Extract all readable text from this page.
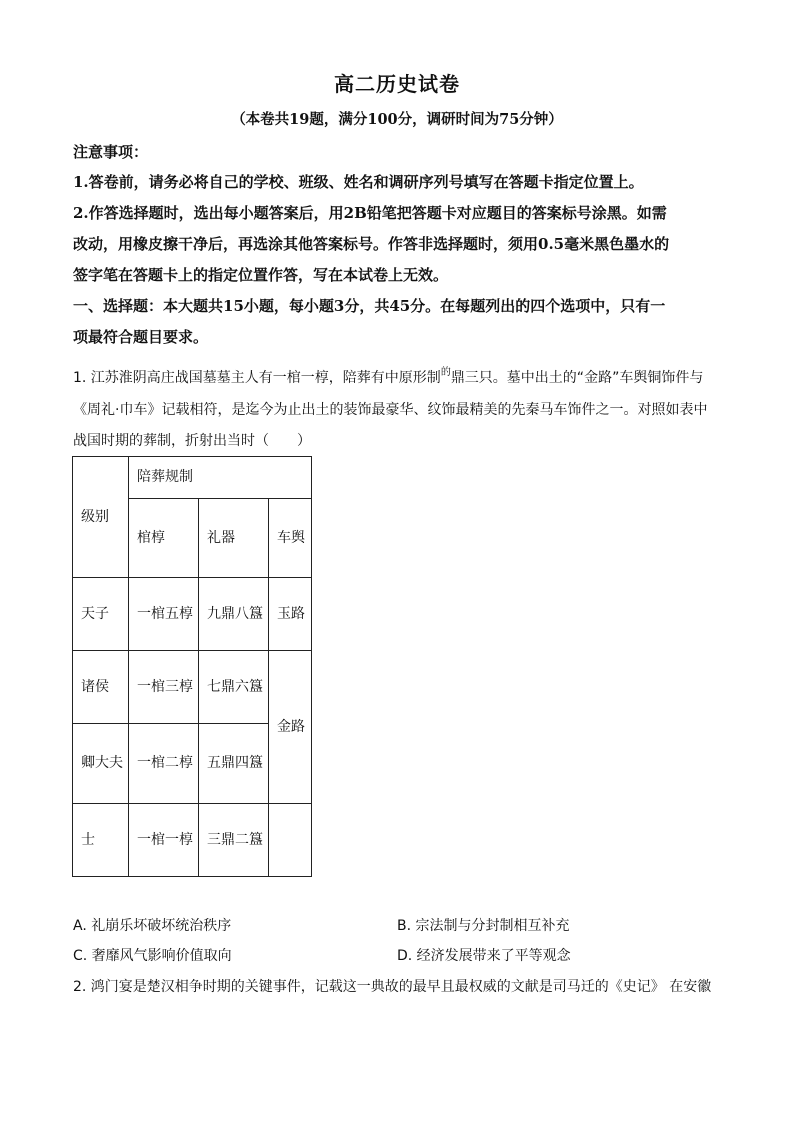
高二历史试卷
（本卷共19题，满分100分，调研时间为75分钟）
注意事项：
1.答卷前，请务必将自己的学校、班级、姓名和调研序列号填写在答题卡指定位置上。
2.作答选择题时，选出每小题答案后，用2B铅笔把答题卡对应题目的答案标号涂黑。如需
改动，用橡皮擦干净后，再选涂其他答案标号。作答非选择题时，须用0.5毫米黑色墨水的
签字笔在答题卡上的指定位置作答，写在本试卷上无效。
一、选择题：本大题共15小题，每小题3分，共45分。在每题列出的四个选项中，只有一
项最符合题目要求。
1. 江苏淮阴高庄战国墓墓主人有一棺一椁，陪葬有中原形制$^的$鼎三只。墓中出土的“金路”车舆铜饰件与
《周礼·巾车》记载相符，是迄今为止出土的装饰最豪华、纹饰最精美的先秦马车饰件之一。对照如表中
战国时期的葬制，折射出当时（　　）
级别	陪葬规制		
	棺椁	礼器	车舆
天子	一棺五椁	九鼎八簋	玉路
诸侯	一棺三椁	七鼎六簋	金路
卿大夫	一棺二椁	五鼎四簋	
士	一棺一椁	三鼎二簋	
A. 礼崩乐坏破坏统治秩序	B. 宗法制与分封制相互补充
C. 奢靡风气影响价值取向	D. 经济发展带来了平等观念
2. 鸿门宴是楚汉相争时期的关键事件，记载这一典故的最早且最权威的文献是司马迁的《史记》 在安徽
